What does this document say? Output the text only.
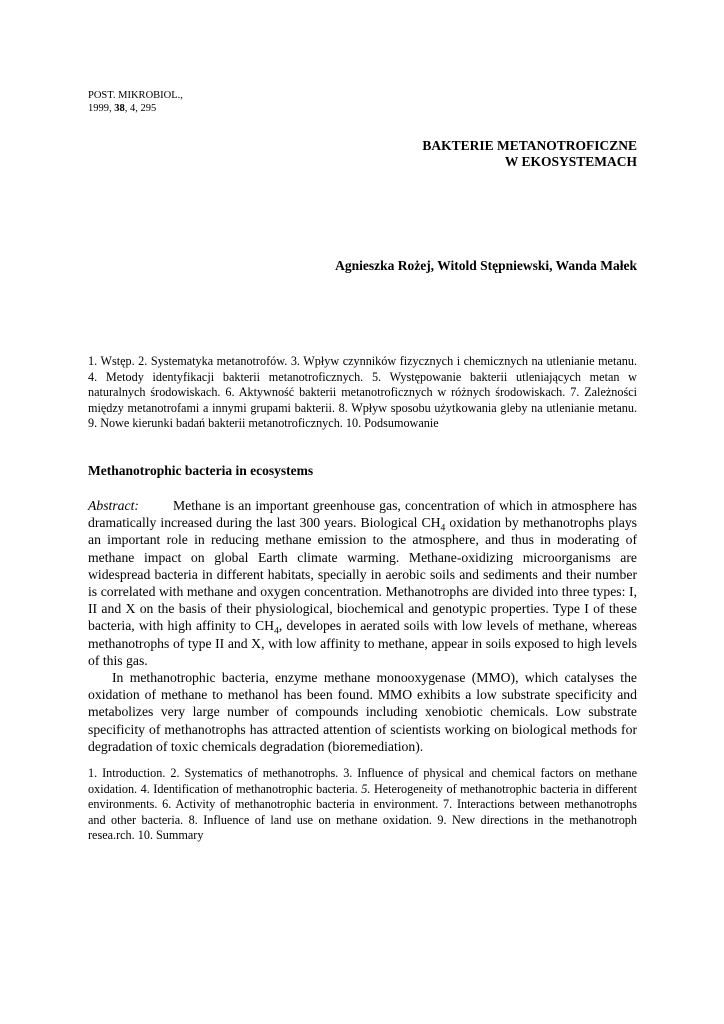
POST. MIKROBIOL.,
1999, 38, 4, 295
BAKTERIE METANOTROFICZNE
W EKOSYSTEMACH
Agnieszka Rożej, Witold Stępniewski, Wanda Małek
1. Wstęp. 2. Systematyka metanotrofów. 3. Wpływ czynników fizycznych i chemicznych na utlenianie metanu. 4. Metody identyfikacji bakterii metanotroficznych. 5. Występowanie bakterii utleniających metan w naturalnych środowiskach. 6. Aktywność bakterii metanotroficznych w różnych środowiskach. 7. Zależności między metanotrofami a innymi grupami bakterii. 8. Wpływ sposobu użytkowania gleby na utlenianie metanu. 9. Nowe kierunki badań bakterii metanotroficznych. 10. Podsumowanie
Methanotrophic bacteria in ecosystems

Abstract: Methane is an important greenhouse gas, concentration of which in atmosphere has dramatically increased during the last 300 years. Biological $CH_4$ oxidation by methanotrophs plays an important role in reducing methane emission to the atmosphere, and thus in moderating of methane impact on global Earth climate warming. Methane-oxidizing microorganisms are widespread bacteria in different habitats, specially in aerobic soils and sediments and their number is correlated with methane and oxygen concentration. Methanotrophs are divided into three types: I, II and X on the basis of their physiological, biochemical and genotypic properties. Type I of these bacteria, with high affinity to $CH_4$, developes in aerated soils with low levels of methane, whereas methanotrophs of type II and X, with low affinity to methane, appear in soils exposed to high levels of this gas.

In methanotrophic bacteria, enzyme methane monooxygenase (MMO), which catalyses the oxidation of methane to methanol has been found. MMO exhibits a low substrate specificity and metabolizes very large number of compounds including xenobiotic chemicals. Low substrate specificity of methanotrophs has attracted attention of scientists working on biological methods for degradation of toxic chemicals degradation (bioremediation).

1. Introduction. 2. Systematics of methanotrophs. 3. Influence of physical and chemical factors on methane oxidation. 4. Identification of methanotrophic bacteria. 5. Heterogeneity of methanotrophic bacteria in different environments. 6. Activity of methanotrophic bacteria in environment. 7. Interactions between methanotrophs and other bacteria. 8. Influence of land use on methane oxidation. 9. New directions in the methanotroph resea.rch. 10. Summary
